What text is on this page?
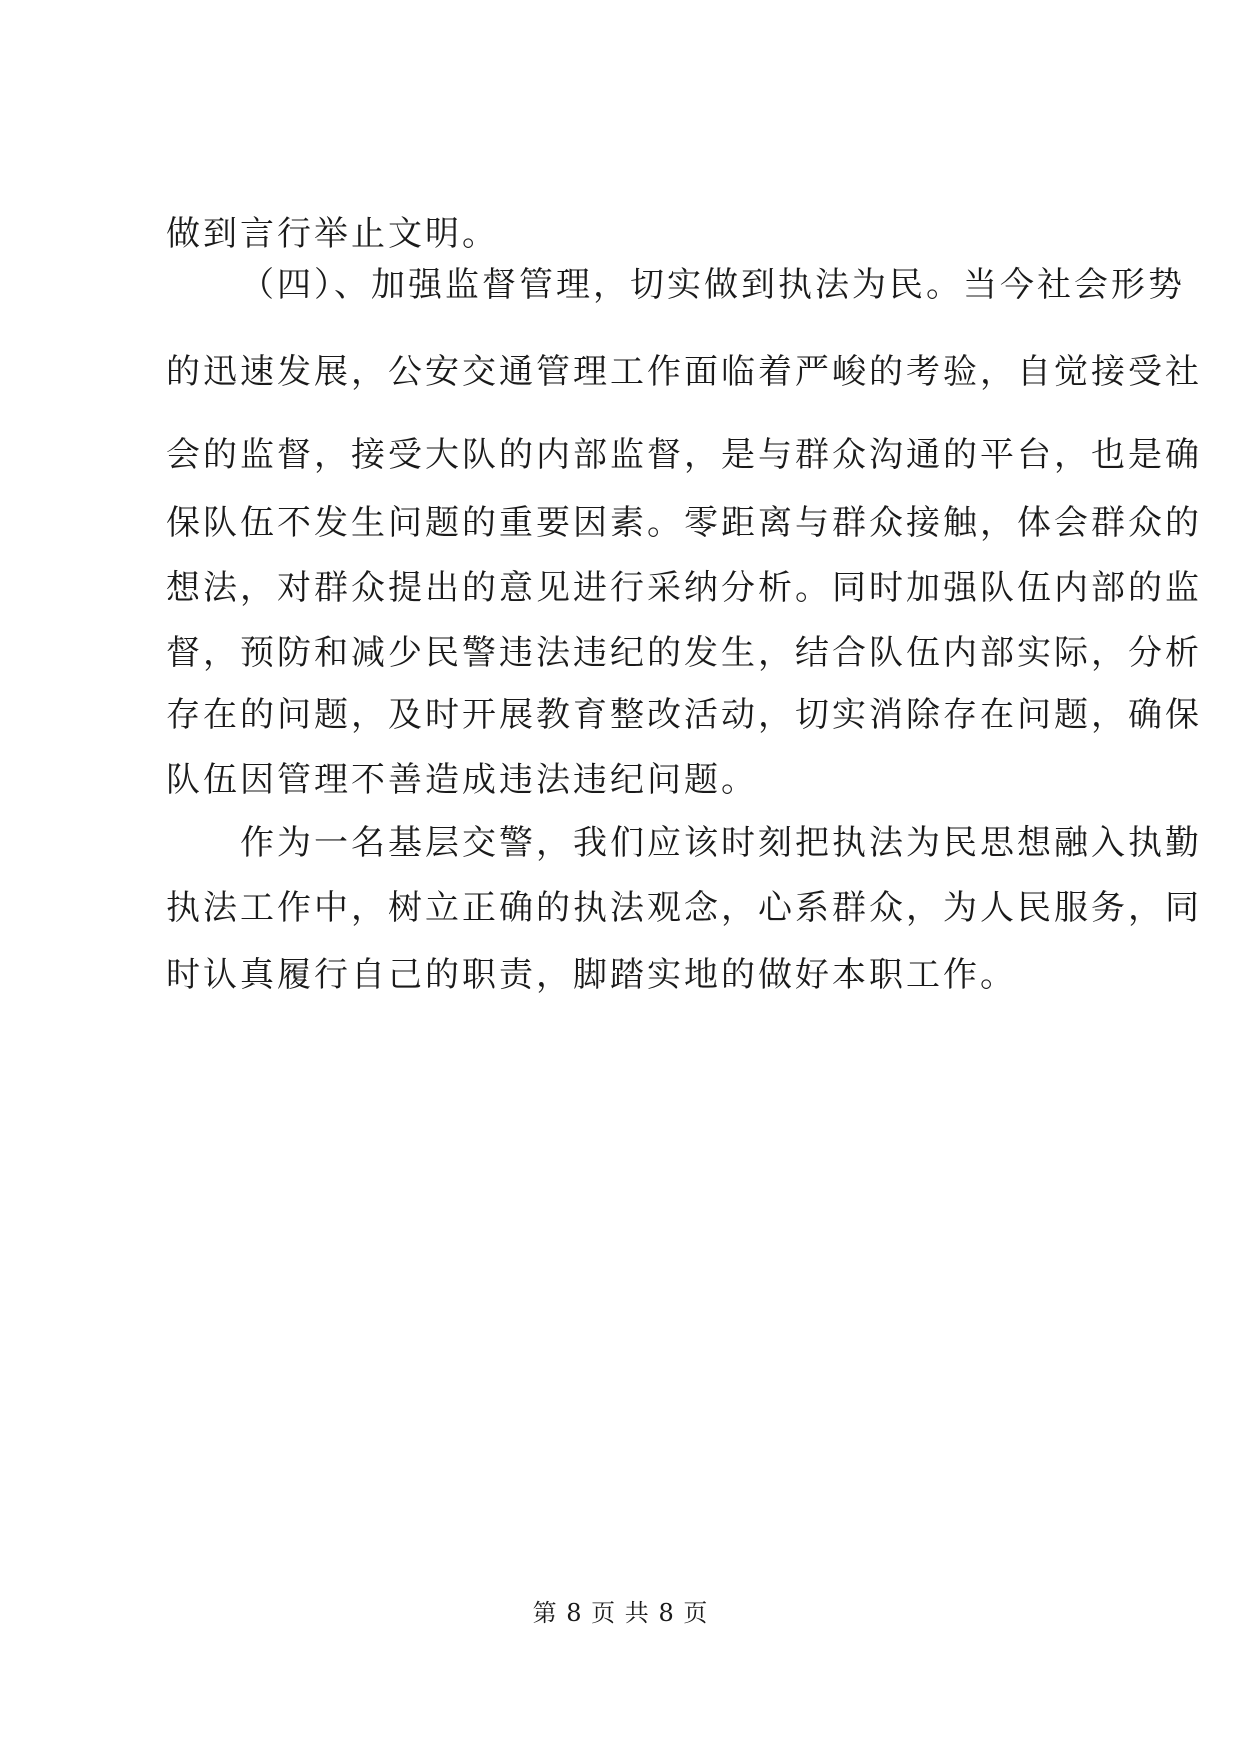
做到言行举止文明。
（四）、加强监督管理，切实做到执法为民。当今社会形势
的迅速发展，公安交通管理工作面临着严峻的考验，自觉接受社
会的监督，接受大队的内部监督，是与群众沟通的平台，也是确
保队伍不发生问题的重要因素。零距离与群众接触，体会群众的
想法，对群众提出的意见进行采纳分析。同时加强队伍内部的监
督，预防和减少民警违法违纪的发生，结合队伍内部实际，分析
存在的问题，及时开展教育整改活动，切实消除存在问题，确保
队伍因管理不善造成违法违纪问题。
作为一名基层交警，我们应该时刻把执法为民思想融入执勤
执法工作中，树立正确的执法观念，心系群众，为人民服务，同
时认真履行自己的职责，脚踏实地的做好本职工作。
第 8 页 共 8 页
